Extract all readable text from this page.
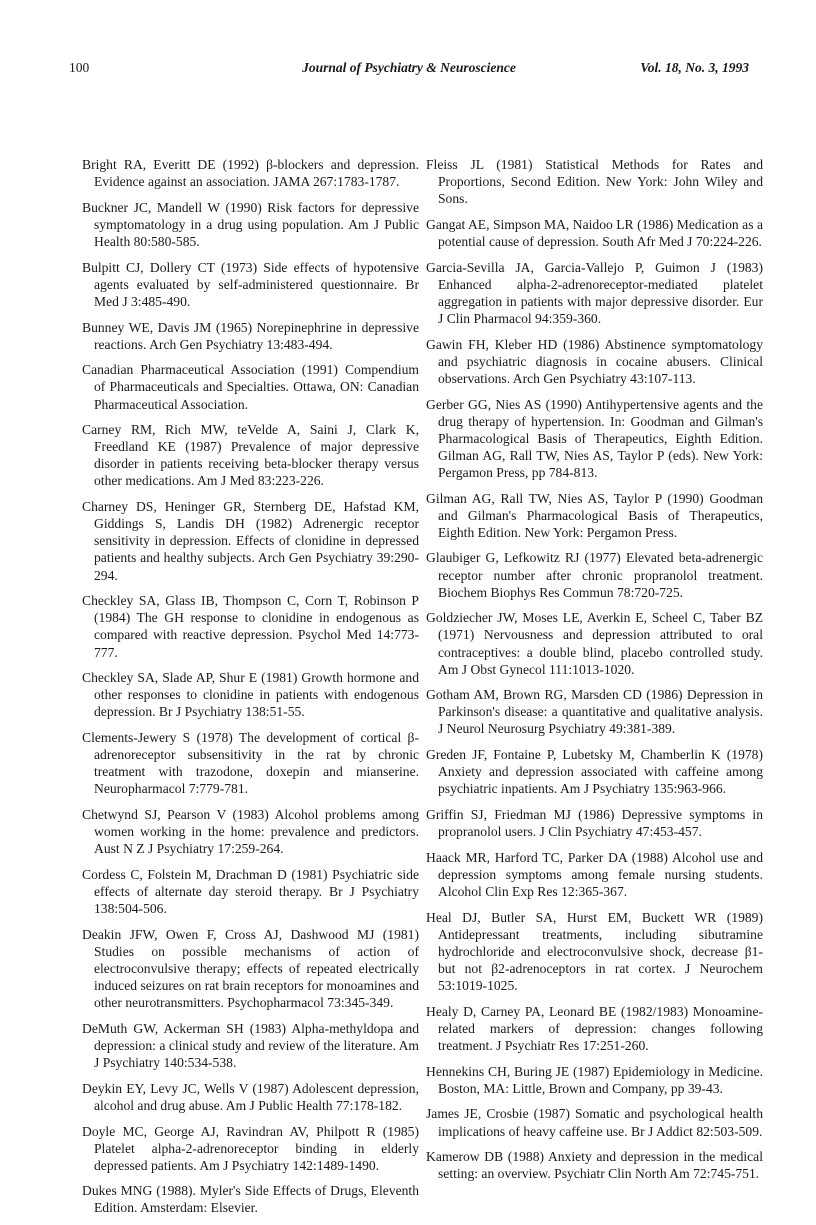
100	Journal of Psychiatry & Neuroscience	Vol. 18, No. 3, 1993

Bright RA, Everitt DE (1992) β-blockers and depression. Evidence against an association. JAMA 267:1783-1787.

Buckner JC, Mandell W (1990) Risk factors for depressive symptomatology in a drug using population. Am J Public Health 80:580-585.

Bulpitt CJ, Dollery CT (1973) Side effects of hypotensive agents evaluated by self-administered questionnaire. Br Med J 3:485-490.

Bunney WE, Davis JM (1965) Norepinephrine in depressive reactions. Arch Gen Psychiatry 13:483-494.

Canadian Pharmaceutical Association (1991) Compendium of Pharmaceuticals and Specialties. Ottawa, ON: Canadian Pharmaceutical Association.

Carney RM, Rich MW, teVelde A, Saini J, Clark K, Freedland KE (1987) Prevalence of major depressive disorder in patients receiving beta-blocker therapy versus other medications. Am J Med 83:223-226.

Charney DS, Heninger GR, Sternberg DE, Hafstad KM, Giddings S, Landis DH (1982) Adrenergic receptor sensitivity in depression. Effects of clonidine in depressed patients and healthy subjects. Arch Gen Psychiatry 39:290-294.

Checkley SA, Glass IB, Thompson C, Corn T, Robinson P (1984) The GH response to clonidine in endogenous as compared with reactive depression. Psychol Med 14:773-777.

Checkley SA, Slade AP, Shur E (1981) Growth hormone and other responses to clonidine in patients with endogenous depression. Br J Psychiatry 138:51-55.

Clements-Jewery S (1978) The development of cortical β-adrenoreceptor subsensitivity in the rat by chronic treatment with trazodone, doxepin and mianserine. Neuropharmacol 7:779-781.

Chetwynd SJ, Pearson V (1983) Alcohol problems among women working in the home: prevalence and predictors. Aust N Z J Psychiatry 17:259-264.

Cordess C, Folstein M, Drachman D (1981) Psychiatric side effects of alternate day steroid therapy. Br J Psychiatry 138:504-506.

Deakin JFW, Owen F, Cross AJ, Dashwood MJ (1981) Studies on possible mechanisms of action of electroconvulsive therapy; effects of repeated electrically induced seizures on rat brain receptors for monoamines and other neurotransmitters. Psychopharmacol 73:345-349.

DeMuth GW, Ackerman SH (1983) Alpha-methyldopa and depression: a clinical study and review of the literature. Am J Psychiatry 140:534-538.

Deykin EY, Levy JC, Wells V (1987) Adolescent depression, alcohol and drug abuse. Am J Public Health 77:178-182.

Doyle MC, George AJ, Ravindran AV, Philpott R (1985) Platelet alpha-2-adrenoreceptor binding in elderly depressed patients. Am J Psychiatry 142:1489-1490.

Dukes MNG (1988). Myler's Side Effects of Drugs, Eleventh Edition. Amsterdam: Elsevier.

Fleiss JL (1981) Statistical Methods for Rates and Proportions, Second Edition. New York: John Wiley and Sons.

Gangat AE, Simpson MA, Naidoo LR (1986) Medication as a potential cause of depression. South Afr Med J 70:224-226.

Garcia-Sevilla JA, Garcia-Vallejo P, Guimon J (1983) Enhanced alpha-2-adrenoreceptor-mediated platelet aggregation in patients with major depressive disorder. Eur J Clin Pharmacol 94:359-360.

Gawin FH, Kleber HD (1986) Abstinence symptomatology and psychiatric diagnosis in cocaine abusers. Clinical observations. Arch Gen Psychiatry 43:107-113.

Gerber GG, Nies AS (1990) Antihypertensive agents and the drug therapy of hypertension. In: Goodman and Gilman's Pharmacological Basis of Therapeutics, Eighth Edition. Gilman AG, Rall TW, Nies AS, Taylor P (eds). New York: Pergamon Press, pp 784-813.

Gilman AG, Rall TW, Nies AS, Taylor P (1990) Goodman and Gilman's Pharmacological Basis of Therapeutics, Eighth Edition. New York: Pergamon Press.

Glaubiger G, Lefkowitz RJ (1977) Elevated beta-adrenergic receptor number after chronic propranolol treatment. Biochem Biophys Res Commun 78:720-725.

Goldziecher JW, Moses LE, Averkin E, Scheel C, Taber BZ (1971) Nervousness and depression attributed to oral contraceptives: a double blind, placebo controlled study. Am J Obst Gynecol 111:1013-1020.

Gotham AM, Brown RG, Marsden CD (1986) Depression in Parkinson's disease: a quantitative and qualitative analysis. J Neurol Neurosurg Psychiatry 49:381-389.

Greden JF, Fontaine P, Lubetsky M, Chamberlin K (1978) Anxiety and depression associated with caffeine among psychiatric inpatients. Am J Psychiatry 135:963-966.

Griffin SJ, Friedman MJ (1986) Depressive symptoms in propranolol users. J Clin Psychiatry 47:453-457.

Haack MR, Harford TC, Parker DA (1988) Alcohol use and depression symptoms among female nursing students. Alcohol Clin Exp Res 12:365-367.

Heal DJ, Butler SA, Hurst EM, Buckett WR (1989) Antidepressant treatments, including sibutramine hydrochloride and electroconvulsive shock, decrease β1- but not β2-adrenoceptors in rat cortex. J Neurochem 53:1019-1025.

Healy D, Carney PA, Leonard BE (1982/1983) Monoamine-related markers of depression: changes following treatment. J Psychiatr Res 17:251-260.

Hennekins CH, Buring JE (1987) Epidemiology in Medicine. Boston, MA: Little, Brown and Company, pp 39-43.

James JE, Crosbie (1987) Somatic and psychological health implications of heavy caffeine use. Br J Addict 82:503-509.

Kamerow DB (1988) Anxiety and depression in the medical setting: an overview. Psychiatr Clin North Am 72:745-751.
